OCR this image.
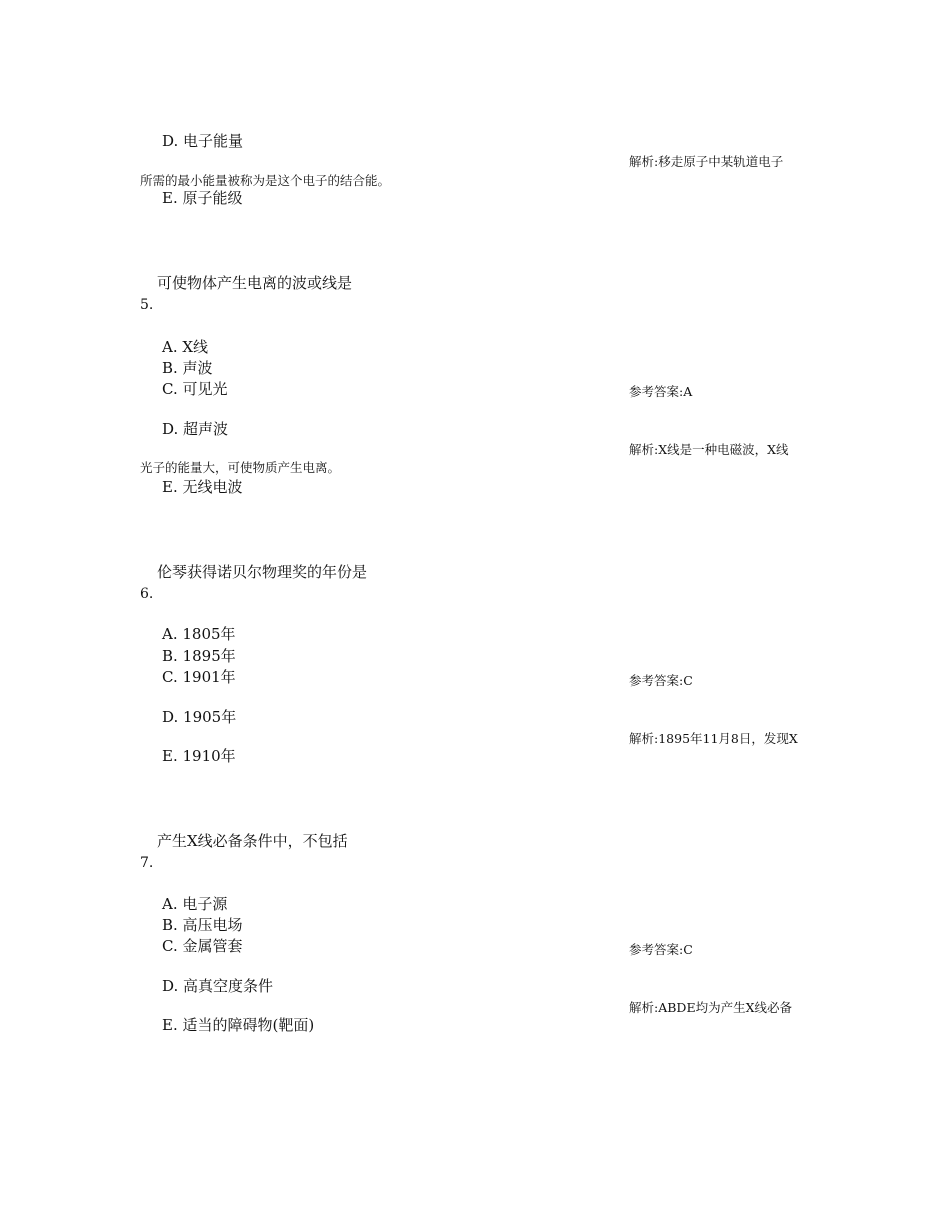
D. 电子能量
解析:移走原子中某轨道电子
所需的最小能量被称为是这个电子的结合能。
E. 原子能级
可使物体产生电离的波或线是
5.
A. X线
B. 声波
C. 可见光	参考答案:A
D. 超声波
解析:X线是一种电磁波，X线
光子的能量大，可使物质产生电离。
E. 无线电波
伦琴获得诺贝尔物理奖的年份是
6.
A. 1805年
B. 1895年
C. 1901年	参考答案:C
D. 1905年
解析:1895年11月8日，发现X
E. 1910年
产生X线必备条件中，不包括
7.
A. 电子源
B. 高压电场
C. 金属管套	参考答案:C
D. 高真空度条件
解析:ABDE均为产生X线必备
E. 适当的障碍物(靶面)
